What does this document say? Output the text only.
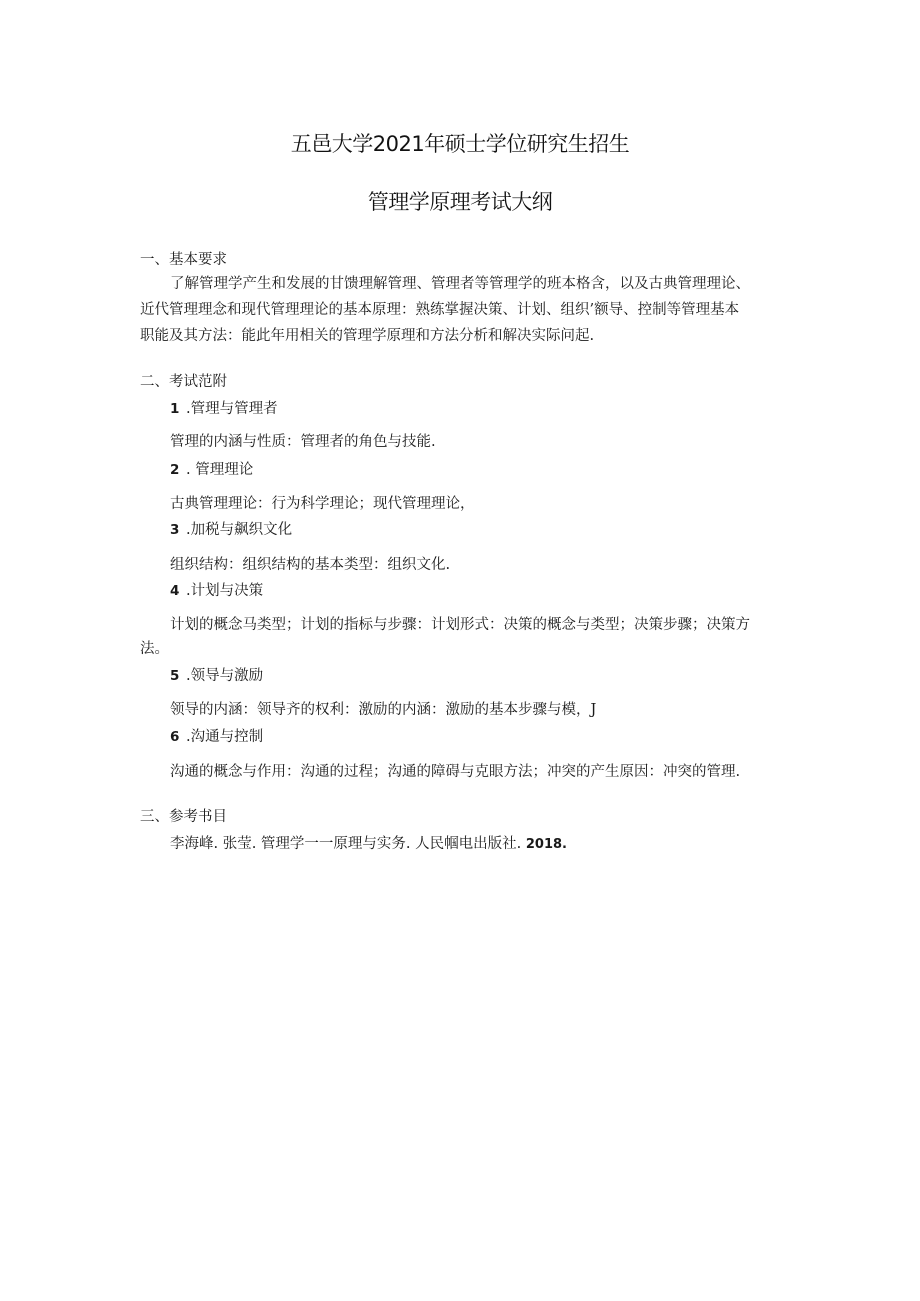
五邑大学2021年硕士学位研究生招生
管理学原理考试大纲
一、基本要求
了解管理学产生和发展的甘馈理解管理、管理者等管理学的班本格含，以及古典管理理论、
近代管理理念和现代管理理论的基本原理：熟练掌握决策、计划、组织’额导、控制等管理基本
职能及其方法：能此年用相关的管理学原理和方法分析和解决实际问起.
二、考试范附
1 .管理与管理者
管理的内涵与性质：管理者的角色与技能.
2 . 管理理论
古典管理理论：行为科学理论；现代管理理论，
3 .加税与飙织文化
组织结构：组织结构的基本类型：组织文化.
4 .计划与决策
计划的概念马类型；计划的指标与步骤：计划形式：决策的概念与类型；决策步骤；决策方
法。
5 .领导与激励
领导的内涵：领导齐的权利：激励的内涵：激励的基本步骤与模，J
6 .沟通与控制
沟通的概念与作用：沟通的过程；沟通的障碍与克眼方法；冲突的产生原因：冲突的管理.
三、参考书目
李海峰. 张莹. 管理学一一原理与实务. 人民帼电出版社. 2018.
